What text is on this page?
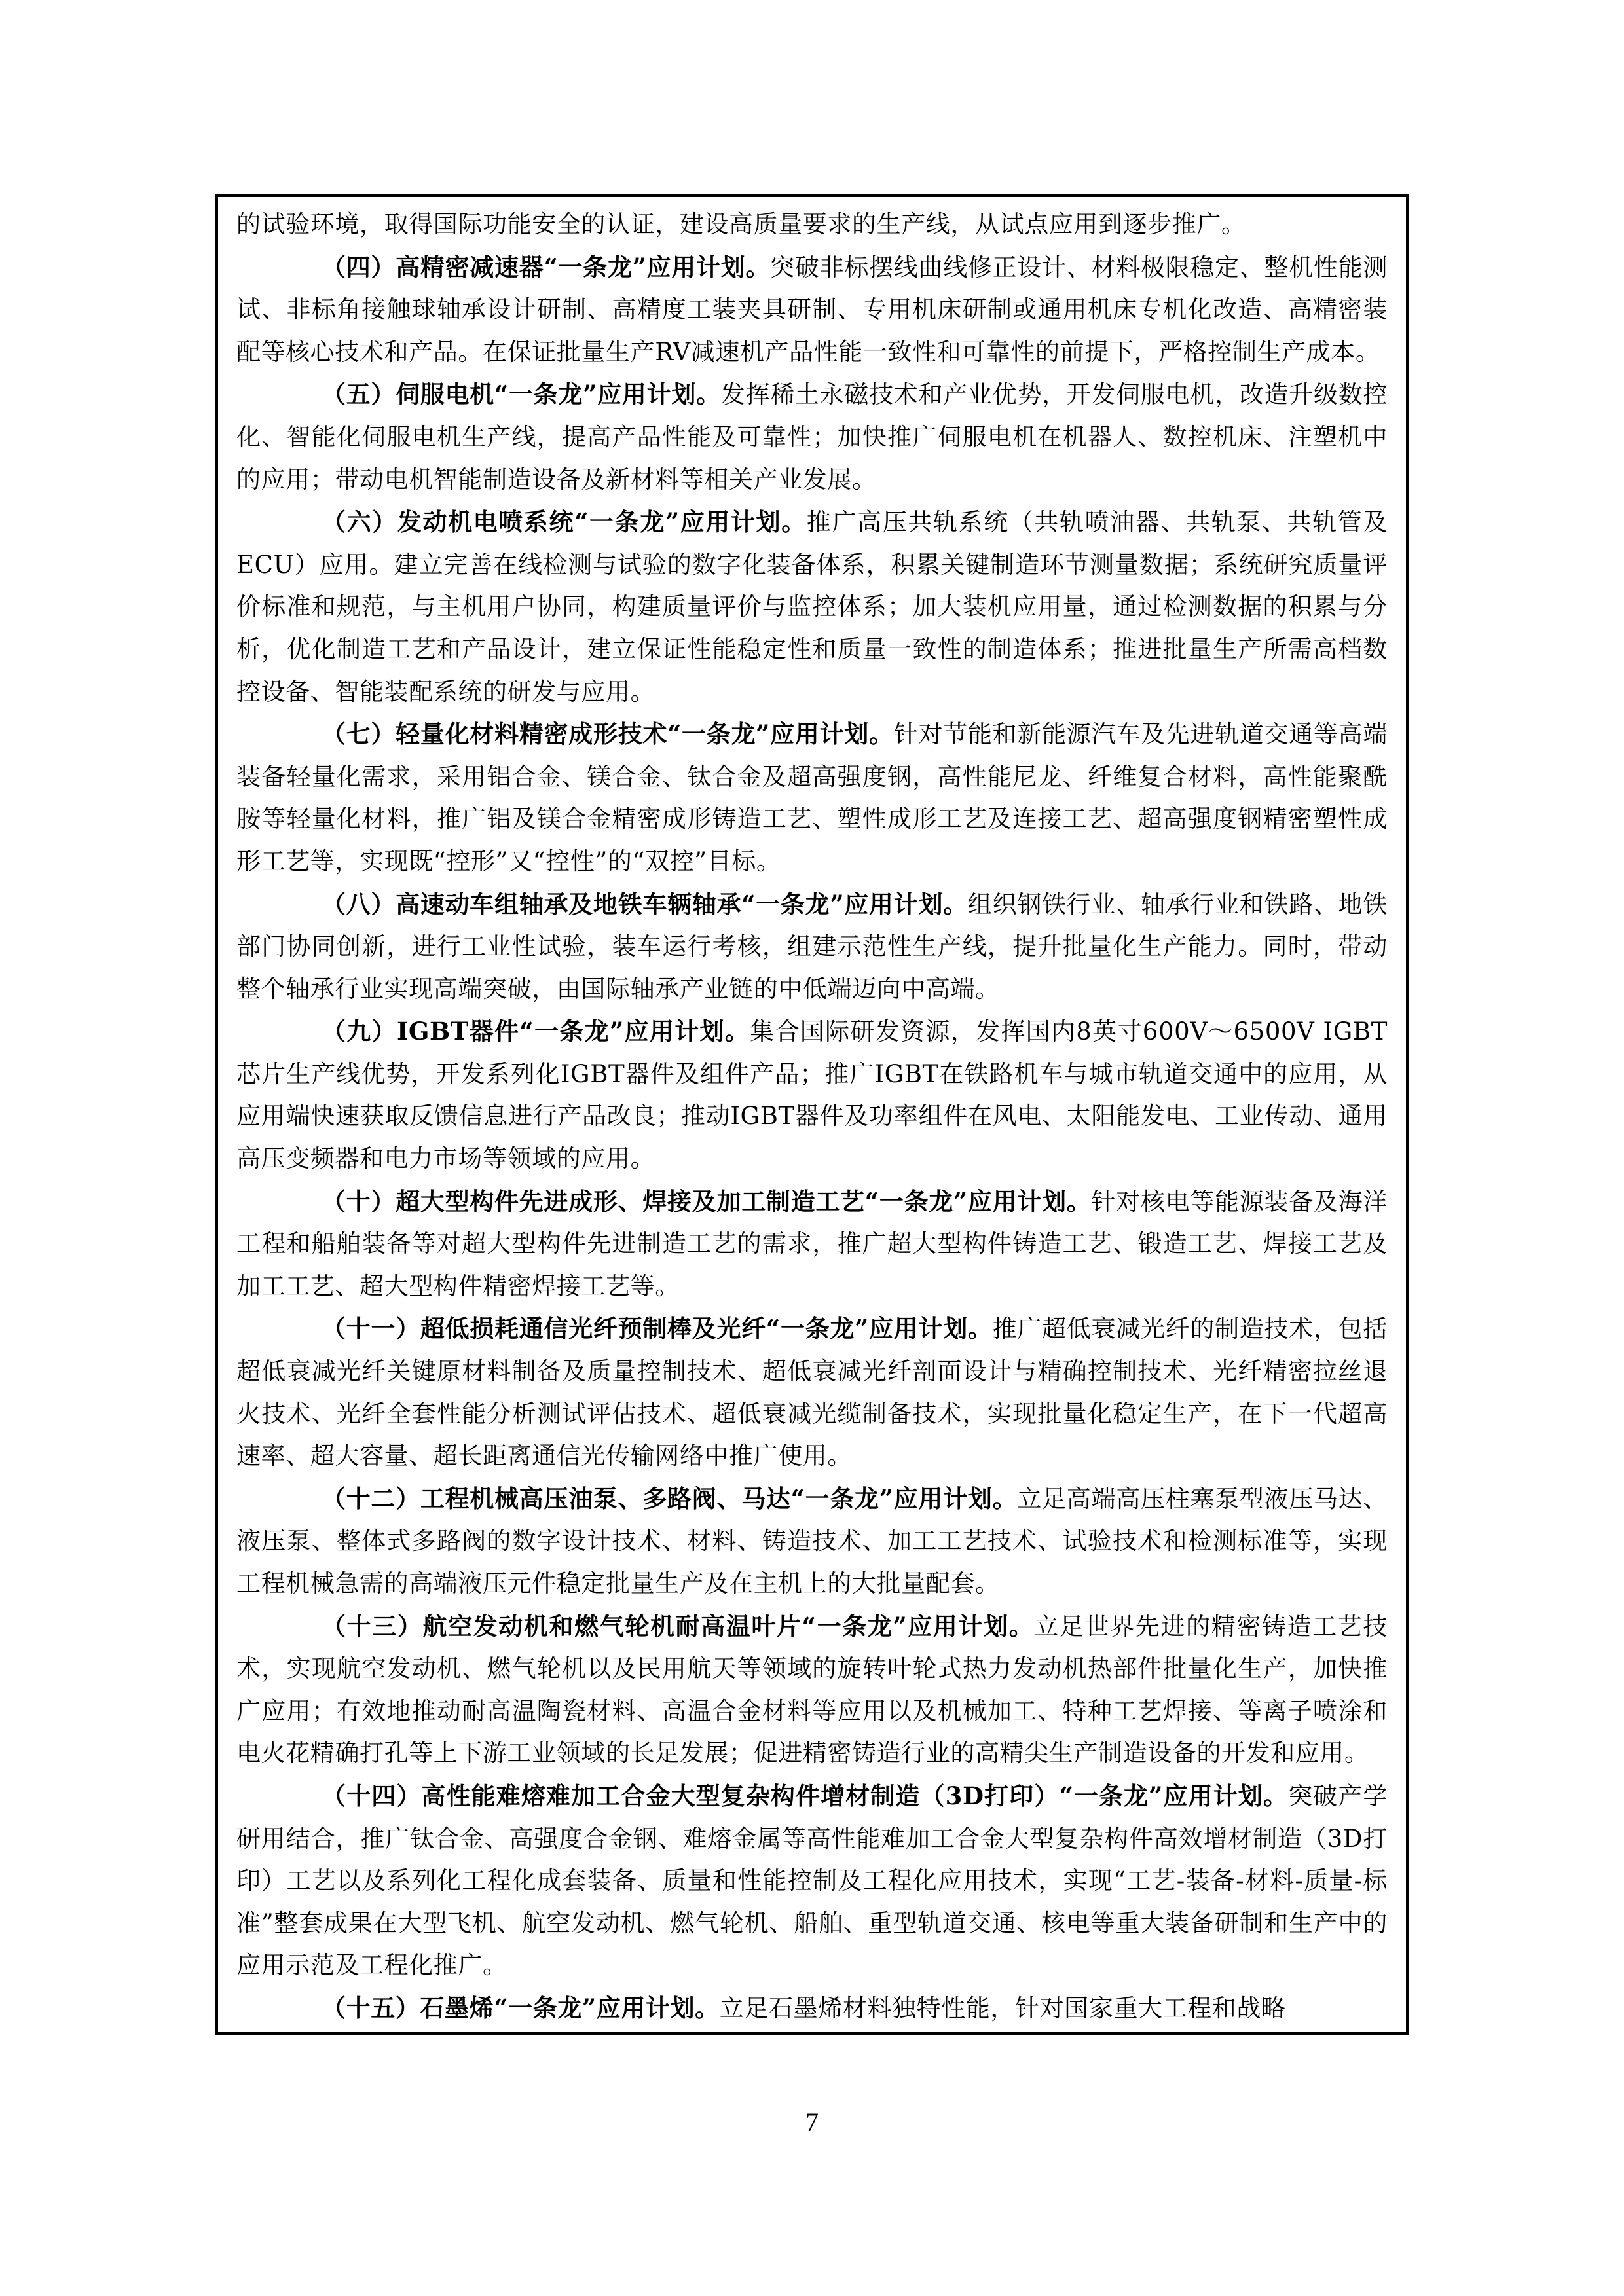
的试验环境，取得国际功能安全的认证，建设高质量要求的生产线，从试点应用到逐步推广。

（四）高精密减速器“一条龙”应用计划。突破非标摆线曲线修正设计、材料极限稳定、整机性能测试、非标角接触球轴承设计研制、高精度工装夹具研制、专用机床研制或通用机床专机化改造、高精密装配等核心技术和产品。在保证批量生产RV减速机产品性能一致性和可靠性的前提下，严格控制生产成本。

（五）伺服电机“一条龙”应用计划。发挥稀土永磁技术和产业优势，开发伺服电机，改造升级数控化、智能化伺服电机生产线，提高产品性能及可靠性；加快推广伺服电机在机器人、数控机床、注塑机中的应用；带动电机智能制造设备及新材料等相关产业发展。

（六）发动机电喷系统“一条龙”应用计划。推广高压共轨系统（共轨喷油器、共轨泵、共轨管及ECU）应用。建立完善在线检测与试验的数字化装备体系，积累关键制造环节测量数据；系统研究质量评价标准和规范，与主机用户协同，构建质量评价与监控体系；加大装机应用量，通过检测数据的积累与分析，优化制造工艺和产品设计，建立保证性能稳定性和质量一致性的制造体系；推进批量生产所需高档数控设备、智能装配系统的研发与应用。

（七）轻量化材料精密成形技术“一条龙”应用计划。针对节能和新能源汽车及先进轨道交通等高端装备轻量化需求，采用铝合金、镁合金、钛合金及超高强度钢，高性能尼龙、纤维复合材料，高性能聚酰胺等轻量化材料，推广铝及镁合金精密成形铸造工艺、塑性成形工艺及连接工艺、超高强度钢精密塑性成形工艺等，实现既“控形”又“控性”的“双控”目标。

（八）高速动车组轴承及地铁车辆轴承“一条龙”应用计划。组织钢铁行业、轴承行业和铁路、地铁部门协同创新，进行工业性试验，装车运行考核，组建示范性生产线，提升批量化生产能力。同时，带动整个轴承行业实现高端突破，由国际轴承产业链的中低端迈向中高端。

（九）IGBT器件“一条龙”应用计划。集合国际研发资源，发挥国内8英寸600V～6500V IGBT芯片生产线优势，开发系列化IGBT器件及组件产品；推广IGBT在铁路机车与城市轨道交通中的应用，从应用端快速获取反馈信息进行产品改良；推动IGBT器件及功率组件在风电、太阳能发电、工业传动、通用高压变频器和电力市场等领域的应用。

（十）超大型构件先进成形、焊接及加工制造工艺“一条龙”应用计划。针对核电等能源装备及海洋工程和船舶装备等对超大型构件先进制造工艺的需求，推广超大型构件铸造工艺、锻造工艺、焊接工艺及加工工艺、超大型构件精密焊接工艺等。

（十一）超低损耗通信光纤预制棒及光纤“一条龙”应用计划。推广超低衰减光纤的制造技术，包括超低衰减光纤关键原材料制备及质量控制技术、超低衰减光纤剖面设计与精确控制技术、光纤精密拉丝退火技术、光纤全套性能分析测试评估技术、超低衰减光缆制备技术，实现批量化稳定生产，在下一代超高速率、超大容量、超长距离通信光传输网络中推广使用。

（十二）工程机械高压油泵、多路阀、马达“一条龙”应用计划。立足高端高压柱塞泵型液压马达、液压泵、整体式多路阀的数字设计技术、材料、铸造技术、加工工艺技术、试验技术和检测标准等，实现工程机械急需的高端液压元件稳定批量生产及在主机上的大批量配套。

（十三）航空发动机和燃气轮机耐高温叶片“一条龙”应用计划。立足世界先进的精密铸造工艺技术，实现航空发动机、燃气轮机以及民用航天等领域的旋转叶轮式热力发动机热部件批量化生产，加快推广应用；有效地推动耐高温陶瓷材料、高温合金材料等应用以及机械加工、特种工艺焊接、等离子喷涂和电火花精确打孔等上下游工业领域的长足发展；促进精密铸造行业的高精尖生产制造设备的开发和应用。

（十四）高性能难熔难加工合金大型复杂构件增材制造（3D打印）“一条龙”应用计划。突破产学研用结合，推广钛合金、高强度合金钢、难熔金属等高性能难加工合金大型复杂构件高效增材制造（3D打印）工艺以及系列化工程化成套装备、质量和性能控制及工程化应用技术，实现“工艺-装备-材料-质量-标准”整套成果在大型飞机、航空发动机、燃气轮机、船舶、重型轨道交通、核电等重大装备研制和生产中的应用示范及工程化推广。

（十五）石墨烯“一条龙”应用计划。立足石墨烯材料独特性能，针对国家重大工程和战略

7
